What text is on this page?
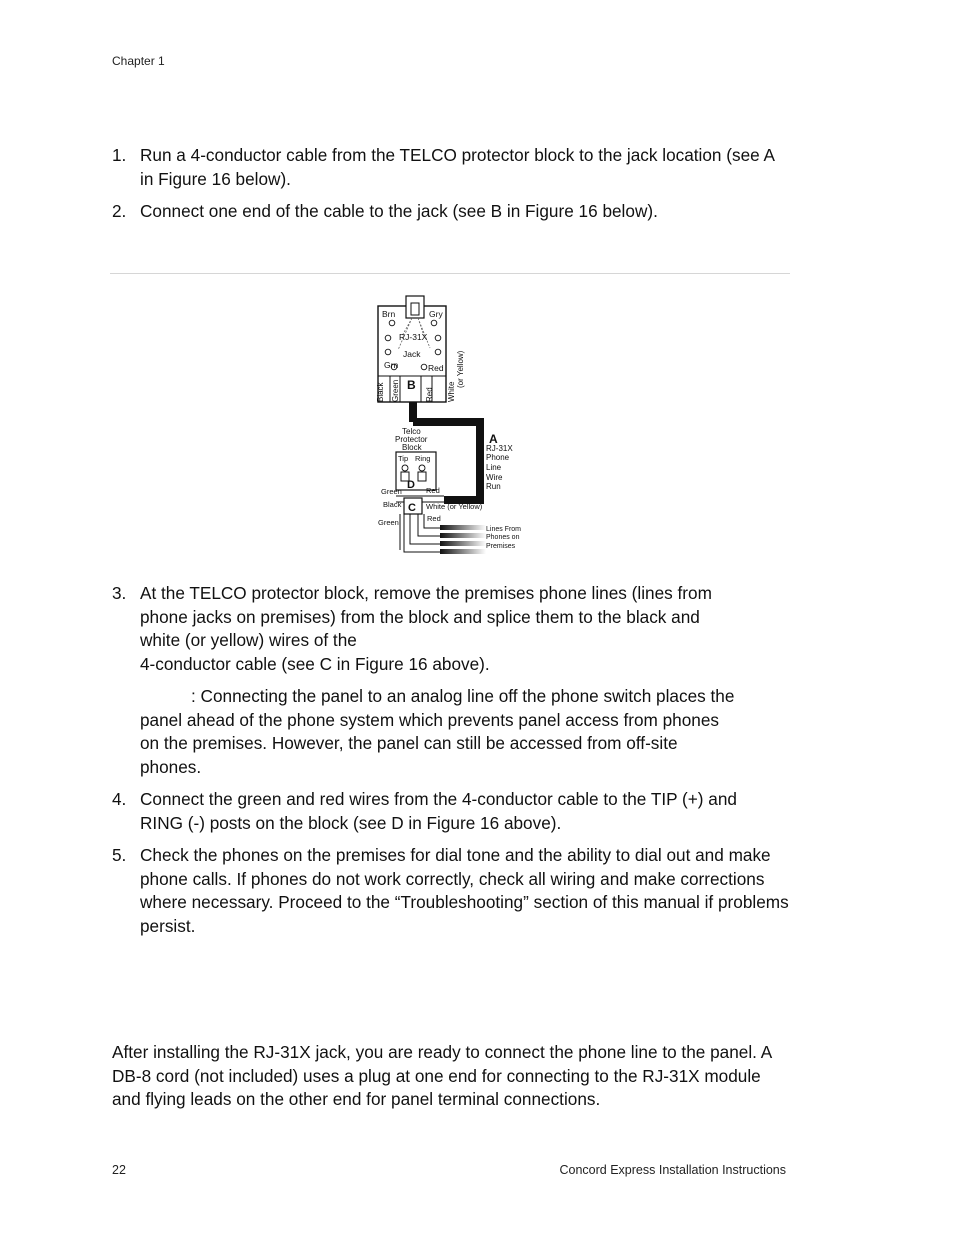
Chapter 1
1. Run a 4-conductor cable from the TELCO protector block to the jack location (see A in Figure 16 below).
2. Connect one end of the cable to the jack (see B in Figure 16 below).
Brn	Gry
RJ-31X
Jack
Grn	Red
B
Black Green	Red White
(or Yellow)
A
RJ-31X
Phone
Line
Wire
Run
Telco
Protector
Block
Tip Ring
D
Green	Red
C
Black	White (or Yellow)
Green	Red
Lines From
Phones on
Premises
3. At the TELCO protector block, remove the premises phone lines (lines from
phone jacks on premises) from the block and splice them to the black and
white (or yellow) wires of the
4-conductor cable (see C in Figure 16 above).
: Connecting the panel to an analog line off the phone switch places the
panel ahead of the phone system which prevents panel access from phones
on the premises. However, the panel can still be accessed from off-site
phones.
4. Connect the green and red wires from the 4-conductor cable to the TIP (+) and RING (-) posts on the block (see D in Figure 16 above).
5. Check the phones on the premises for dial tone and the ability to dial out and make phone calls. If phones do not work correctly, check all wiring and make corrections where necessary. Proceed to the “Troubleshooting” section of this manual if problems persist.
After installing the RJ-31X jack, you are ready to connect the phone line to the panel. A DB-8 cord (not included) uses a plug at one end for connecting to the RJ-31X module and flying leads on the other end for panel terminal connections.
22	Concord Express Installation Instructions
